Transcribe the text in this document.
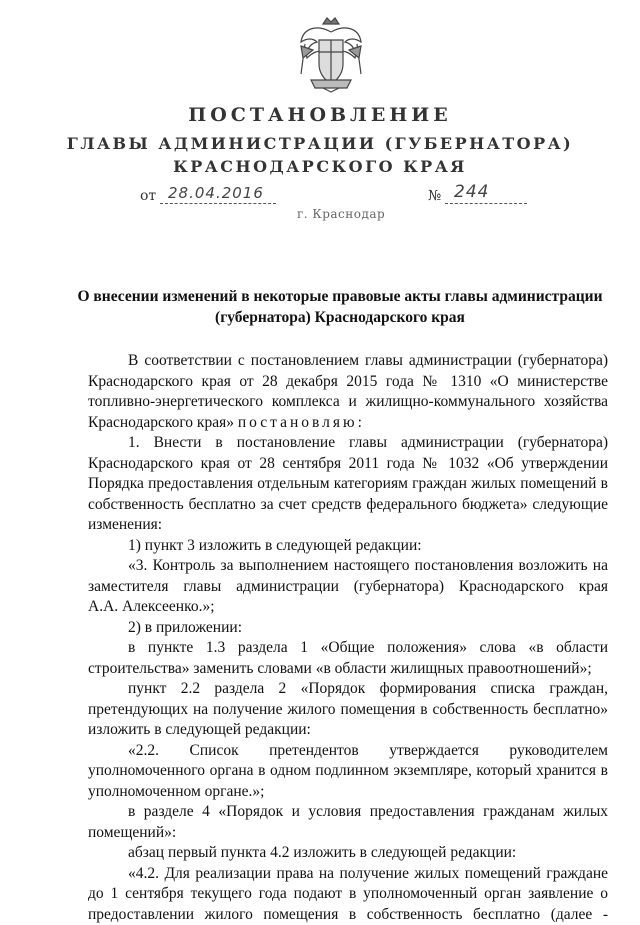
ПОСТАНОВЛЕНИЕ
ГЛАВЫ АДМИНИСТРАЦИИ (ГУБЕРНАТОРА)
КРАСНОДАРСКОГО КРАЯ
от 28.04.2016	№ 244
г. Краснодар
О внесении изменений в некоторые правовые акты главы администрации
(губернатора) Краснодарского края
В соответствии с постановлением главы администрации (губернатора)
Краснодарского края от 28 декабря 2015 года № 1310 «О министерстве
топливно-энергетического комплекса и жилищно-коммунального хозяйства
Краснодарского края» постановляю:
1. Внести в постановление главы администрации (губернатора)
Краснодарского края от 28 сентября 2011 года № 1032 «Об утверждении
Порядка предоставления отдельным категориям граждан жилых помещений в
собственность бесплатно за счет средств федерального бюджета» следующие
изменения:
1) пункт 3 изложить в следующей редакции:
«3. Контроль за выполнением настоящего постановления возложить на
заместителя главы администрации (губернатора) Краснодарского края
А.А. Алексеенко.»;
2) в приложении:
в пункте 1.3 раздела 1 «Общие положения» слова «в области
строительства» заменить словами «в области жилищных правоотношений»;
пункт 2.2 раздела 2 «Порядок формирования списка граждан,
претендующих на получение жилого помещения в собственность бесплатно»
изложить в следующей редакции:
«2.2. Список претендентов утверждается руководителем
уполномоченного органа в одном подлинном экземпляре, который хранится в
уполномоченном органе.»;
в разделе 4 «Порядок и условия предоставления гражданам жилых
помещений»:
абзац первый пункта 4.2 изложить в следующей редакции:
«4.2. Для реализации права на получение жилых помещений граждане
до 1 сентября текущего года подают в уполномоченный орган заявление о
предоставлении жилого помещения в собственность бесплатно (далее -
